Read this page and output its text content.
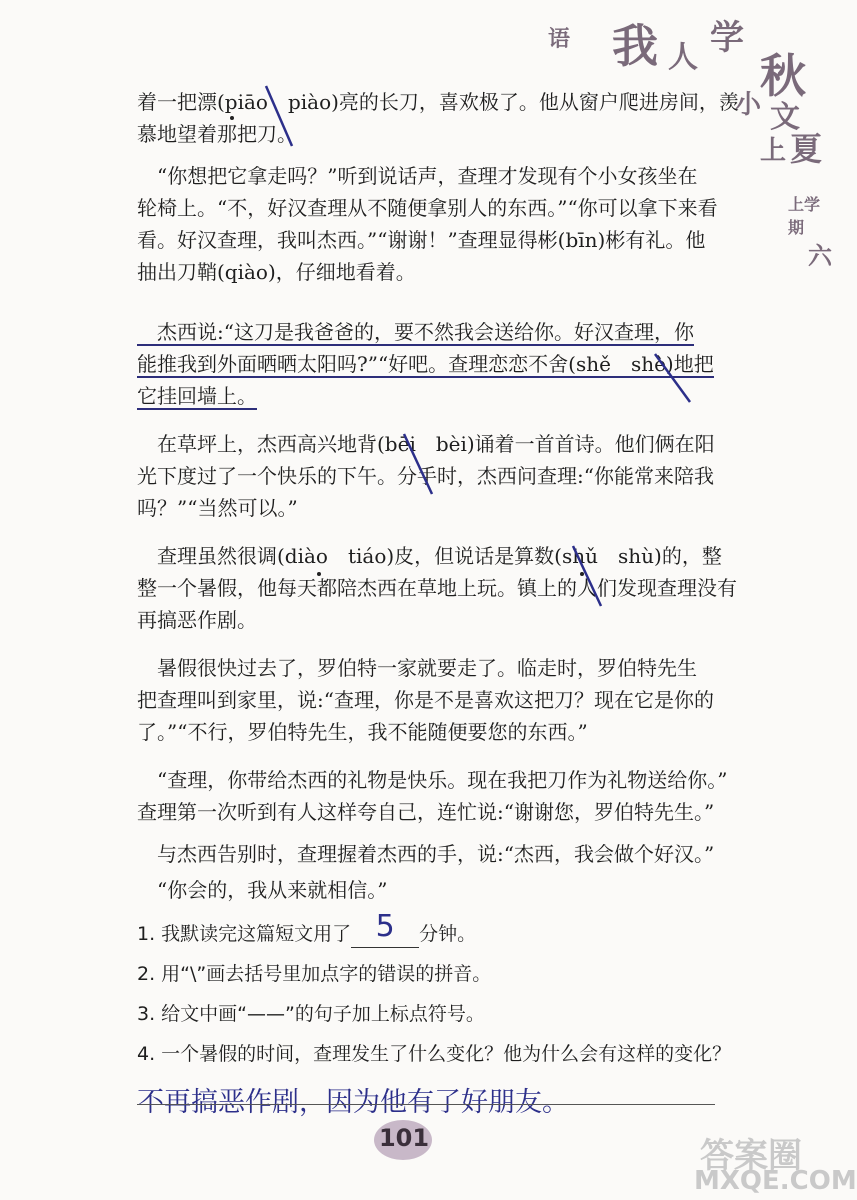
语 我 人 学
秋
小 文
上 夏
上学期
六
着一把漂(piāo　piào)亮的长刀，喜欢极了。他从窗户爬进房间，羡
慕地望着那把刀。
　“你想把它拿走吗？”听到说话声，查理才发现有个小女孩坐在
轮椅上。“不，好汉查理从不随便拿别人的东西。”“你可以拿下来看
看。好汉查理，我叫杰西。”“谢谢！”查理显得彬(bīn)彬有礼。他
抽出刀鞘(qiào)，仔细地看着。
　杰西说:“这刀是我爸爸的，要不然我会送给你。好汉查理，你
能推我到外面晒晒太阳吗?”“好吧。查理恋恋不舍(shě　shè)地把
它挂回墙上。
　在草坪上，杰西高兴地背(bēi　bèi)诵着一首首诗。他们俩在阳
光下度过了一个快乐的下午。分手时，杰西问查理:“你能常来陪我
吗？”“当然可以。”
　查理虽然很调(diào　tiáo)皮，但说话是算数(shǔ　shù)的，整
整一个暑假，他每天都陪杰西在草地上玩。镇上的人们发现查理没有
再搞恶作剧。
　暑假很快过去了，罗伯特一家就要走了。临走时，罗伯特先生
把查理叫到家里，说:“查理，你是不是喜欢这把刀？现在它是你的
了。”“不行，罗伯特先生，我不能随便要您的东西。”
　“查理，你带给杰西的礼物是快乐。现在我把刀作为礼物送给你。”
查理第一次听到有人这样夸自己，连忙说:“谢谢您，罗伯特先生。”
　与杰西告别时，查理握着杰西的手，说:“杰西，我会做个好汉。”
　“你会的，我从来就相信。”
1. 我默读完这篇短文用了 5	分钟。
2. 用“\”画去括号里加点字的错误的拼音。
3. 给文中画“——”的句子加上标点符号。
4. 一个暑假的时间，查理发生了什么变化？他为什么会有这样的变化？
不再搞恶作剧，因为他有了好朋友。
101	答案圈
MXQE.COM
